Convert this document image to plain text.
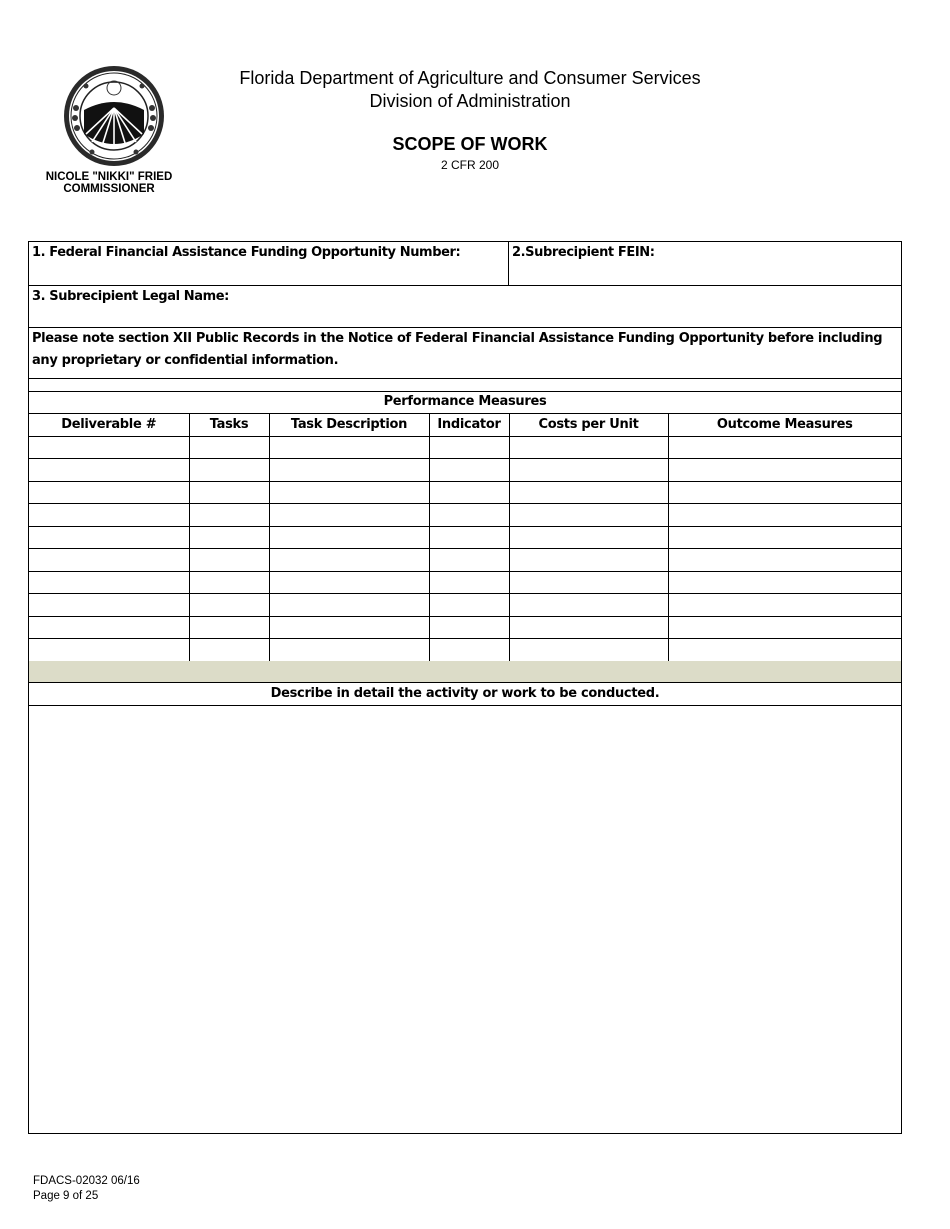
NICOLE "NIKKI" FRIED
COMMISSIONER
Florida Department of Agriculture and Consumer Services
Division of Administration
SCOPE OF WORK
2 CFR 200
1. Federal Financial Assistance Funding Opportunity Number:	2.Subrecipient FEIN:
3. Subrecipient Legal Name:
Please note section XII Public Records in the Notice of Federal Financial Assistance Funding Opportunity before including any proprietary or confidential information.
Performance Measures
Deliverable #	Tasks	Task Description	Indicator	Costs per Unit	Outcome Measures

Describe in detail the activity or work to be conducted.
FDACS-02032 06/16
Page 9 of 25
